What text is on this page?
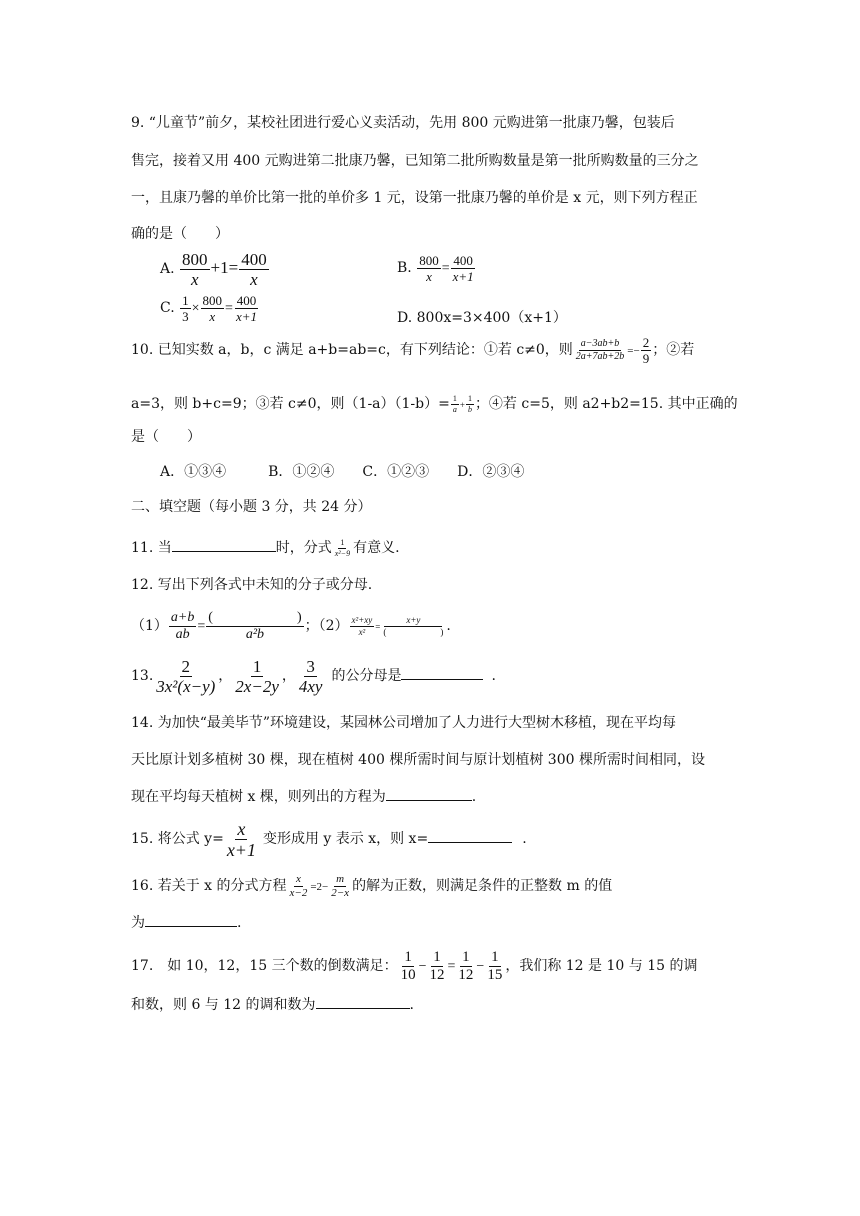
9. “儿童节”前夕，某校社团进行爱心义卖活动，先用 800 元购进第一批康乃馨，包装后
售完，接着又用 400 元购进第二批康乃馨，已知第二批所购数量是第一批所购数量的三分之
一，且康乃馨的单价比第一批的单价多 1 元，设第一批康乃馨的单价是 x 元，则下列方程正
确的是（　　）
A. $\frac{800}{x} +1= \frac{400}{x}$	B. $\frac{800}{x} = \frac{400}{x+1}$
C. $\frac{1}{3} \times \frac{800}{x} = \frac{400}{x+1}$	D. 800x=3×400（x+1）
10. 已知实数 a，b，c 满足 a+b=ab=c，有下列结论：①若 c≠0，则 $\frac{a-3ab+b}{2a+7ab+2b} =- \frac{2}{9}$ ；②若
a=3，则 b+c=9；③若 c≠0，则$(1-a)(1-b)= \frac{1}{a} + \frac{1}{b}$ ；④若 c=5，则 a2+b2=15. 其中正确的
是（　　）
A．①③④　　　B．①②④　　C．①②③　　D．②③④
二、填空题（每小题 3 分，共 24 分）
11. 当	时，分式 $\frac{1}{\text{x²−9}}$ 有意义.
12. 写出下列各式中未知的分子或分母.
$(1) \frac{a+b}{ab} = \frac{( )}{\text{a²b}}$ ；$(2) \frac{\text{x²+xy}}{\text{x²}} = \frac{x+y}{( )}$ .
13. $\frac{2}{\text{3x²(x−y)}}$ ， $\frac{1}{2x-2y}$ ， $\frac{3}{4xy}$ 的公分母是	.
14. 为加快“最美毕节”环境建设，某园林公司增加了人力进行大型树木移植，现在平均每
天比原计划多植树 30 棵，现在植树 400 棵所需时间与原计划植树 300 棵所需时间相同，设
现在平均每天植树 x 棵，则列出的方程为	.
15. 将公式 $y= \frac{x}{x+1}$ 变形成用 y 表示 x，则 x=	.
16. 若关于 x 的分式方程 $\frac{x}{x-2} =2- \frac{m}{2-x}$ 的解为正数，则满足条件的正整数 m 的值
为	.
17.　如 10，12，15 三个数的倒数满足： $\frac{1}{10} - \frac{1}{12} = \frac{1}{12} - \frac{1}{15}$ ，我们称 12 是 10 与 15 的调
和数，则 6 与 12 的调和数为	.
